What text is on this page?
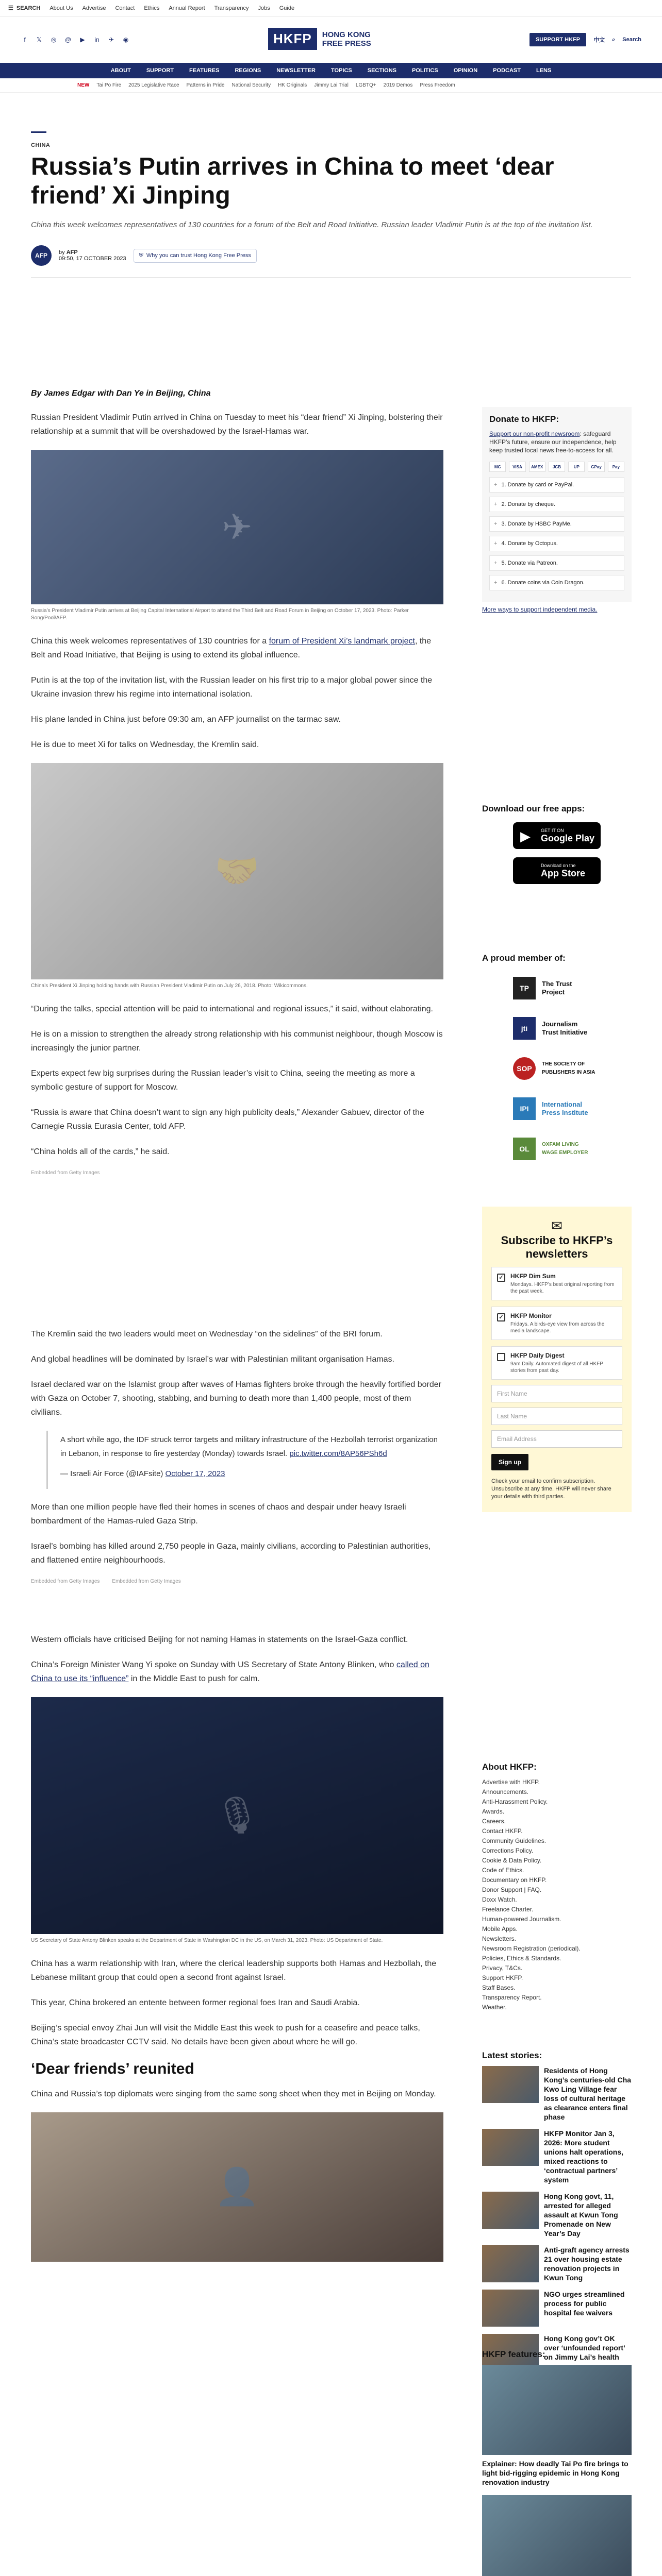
☰ SEARCH About Us Advertise Contact Ethics Annual Report Transparency Jobs Guide
f	𝕏 ◎ @ ▶ in ✈ ◉	HKFP	HONG KONG
FREE PRESS	SUPPORT HKFP	中文 ⌕ Search
ABOUT	SUPPORT	FEATURES	REGIONS	NEWSLETTER	TOPICS	SECTIONS	POLITICS	OPINION	PODCAST	LENS
NEW Tai Po Fire 2025 Legislative Race Patterns in Pride National Security HK Originals Jimmy Lai Trial LGBTQ+ 2019 Demos Press Freedom
CHINA
Russia’s Putin arrives in China to meet ‘dear friend’ Xi Jinping
China this week welcomes representatives of 130 countries for a forum of the Belt and Road Initiative. Russian leader Vladimir Putin is at the top of the invitation list.
AFP	by AFP
09:50, 17 OCTOBER 2023
⛨ Why you can trust Hong Kong Free Press

By James Edgar with Dan Ye in Beijing, China

Russian President Vladimir Putin arrived in China on Tuesday to meet his “dear friend” Xi Jinping, bolstering their relationship at a summit that will be overshadowed by the Israel-Hamas war.

✈
Russia’s President Vladimir Putin arrives at Beijing Capital International Airport to attend the Third Belt and Road Forum in Beijing on October 17, 2023. Photo: Parker Song/Pool/AFP.

China this week welcomes representatives of 130 countries for a forum of President Xi’s landmark project, the Belt and Road Initiative, that Beijing is using to extend its global influence.

Putin is at the top of the invitation list, with the Russian leader on his first trip to a major global power since the Ukraine invasion threw his regime into international isolation.

His plane landed in China just before 09:30 am, an AFP journalist on the tarmac saw.

He is due to meet Xi for talks on Wednesday, the Kremlin said.

🤝
China’s President Xi Jinping holding hands with Russian President Vladimir Putin on July 26, 2018. Photo: Wikicommons.

“During the talks, special attention will be paid to international and regional issues,” it said, without elaborating.

He is on a mission to strengthen the already strong relationship with his communist neighbour, though Moscow is increasingly the junior partner.

Experts expect few big surprises during the Russian leader’s visit to China, seeing the meeting as more a symbolic gesture of support for Moscow.

“Russia is aware that China doesn’t want to sign any high publicity deals,” Alexander Gabuev, director of the Carnegie Russia Eurasia Center, told AFP.

“China holds all of the cards,” he said.

Embedded from Getty Images

The Kremlin said the two leaders would meet on Wednesday “on the sidelines” of the BRI forum.

And global headlines will be dominated by Israel’s war with Palestinian militant organisation Hamas.

Israel declared war on the Islamist group after waves of Hamas fighters broke through the heavily fortified border with Gaza on October 7, shooting, stabbing, and burning to death more than 1,400 people, most of them civilians.

A short while ago, the IDF struck terror targets and military infrastructure of the Hezbollah terrorist organization in Lebanon, in response to fire yesterday (Monday) towards Israel. pic.twitter.com/8AP56PSh6d

— Israeli Air Force (@IAFsite) October 17, 2023

More than one million people have fled their homes in scenes of chaos and despair under heavy Israeli bombardment of the Hamas-ruled Gaza Strip.

Israel’s bombing has killed around 2,750 people in Gaza, mainly civilians, according to Palestinian authorities, and flattened entire neighbourhoods.

Embedded from Getty Images Embedded from Getty Images

Western officials have criticised Beijing for not naming Hamas in statements on the Israel-Gaza conflict.

China’s Foreign Minister Wang Yi spoke on Sunday with US Secretary of State Antony Blinken, who called on China to use its “influence” in the Middle East to push for calm.

🎙
US Secretary of State Antony Blinken speaks at the Department of State in Washington DC in the US, on March 31, 2023. Photo: US Department of State.

China has a warm relationship with Iran, where the clerical leadership supports both Hamas and Hezbollah, the Lebanese militant group that could open a second front against Israel.

This year, China brokered an entente between former regional foes Iran and Saudi Arabia.

Beijing’s special envoy Zhai Jun will visit the Middle East this week to push for a ceasefire and peace talks, China’s state broadcaster CCTV said. No details have been given about where he will go.

‘Dear friends’ reunited

China and Russia’s top diplomats were singing from the same song sheet when they met in Beijing on Monday.

👤
Donate to HKFP:

Support our non-profit newsroom: safeguard HKFP’s future, ensure our independence, help keep trusted local news free-to-access for all.

MC	VISA	AMEX	JCB	UP	GPay	Pay
+ 1. Donate by card or PayPal.
+ 2. Donate by cheque.
+ 3. Donate by HSBC PayMe.
+ 4. Donate by Octopus.
+ 5. Donate via Patreon.
+ 6. Donate coins via Coin Dragon.
More ways to support independent media.
Download our free apps:
▶ GET IT ON
Google Play
Download on the
App Store
A proud member of:
TP
The Trust
Project
jti
Journalism
Trust Initiative
SOP
THE SOCIETY OF
PUBLISHERS IN ASIA
IPI
International
Press Institute
OL
OXFAM LIVING
WAGE EMPLOYER
✉
Subscribe to HKFP’s newsletters
✓ HKFP Dim Sum
Mondays. HKFP’s best original reporting from the past week.
✓ HKFP Monitor
Fridays. A birds-eye view from across the media landscape.
HKFP Daily Digest
9am Daily. Automated digest of all HKFP stories from past day.
First Name
Last Name
Email Address
Sign up

Check your email to confirm subscription. Unsubscribe at any time. HKFP will never share your details with third parties.

About HKFP:
Advertise with HKFP.
Announcements.
Anti-Harassment Policy.
Awards.
Careers.
Contact HKFP.
Community Guidelines.
Corrections Policy.
Cookie & Data Policy.
Code of Ethics.
Documentary on HKFP.
Donor Support | FAQ.
Doxx Watch.
Freelance Charter.
Human-powered Journalism.
Mobile Apps.
Newsletters.
Newsroom Registration (periodical).
Policies, Ethics & Standards.
Privacy, T&Cs.
Support HKFP.
Staff Bases.
Transparency Report.
Weather.
Latest stories:
Residents of Hong Kong’s centuries-old Cha Kwo Ling Village fear loss of cultural heritage as clearance enters final phase
HKFP Monitor Jan 3, 2026: More student unions halt operations, mixed reactions to ‘contractual partners’ system
Hong Kong govt, 11, arrested for alleged assault at Kwun Tong Promenade on New Year’s Day
Anti-graft agency arrests 21 over housing estate renovation projects in Kwun Tong
NGO urges streamlined process for public hospital fee waivers
Hong Kong gov’t OK over ‘unfounded report’ on Jimmy Lai’s health
HKFP features:
Explainer: How deadly Tai Po fire brings to light bid-rigging epidemic in Hong Kong renovation industry
